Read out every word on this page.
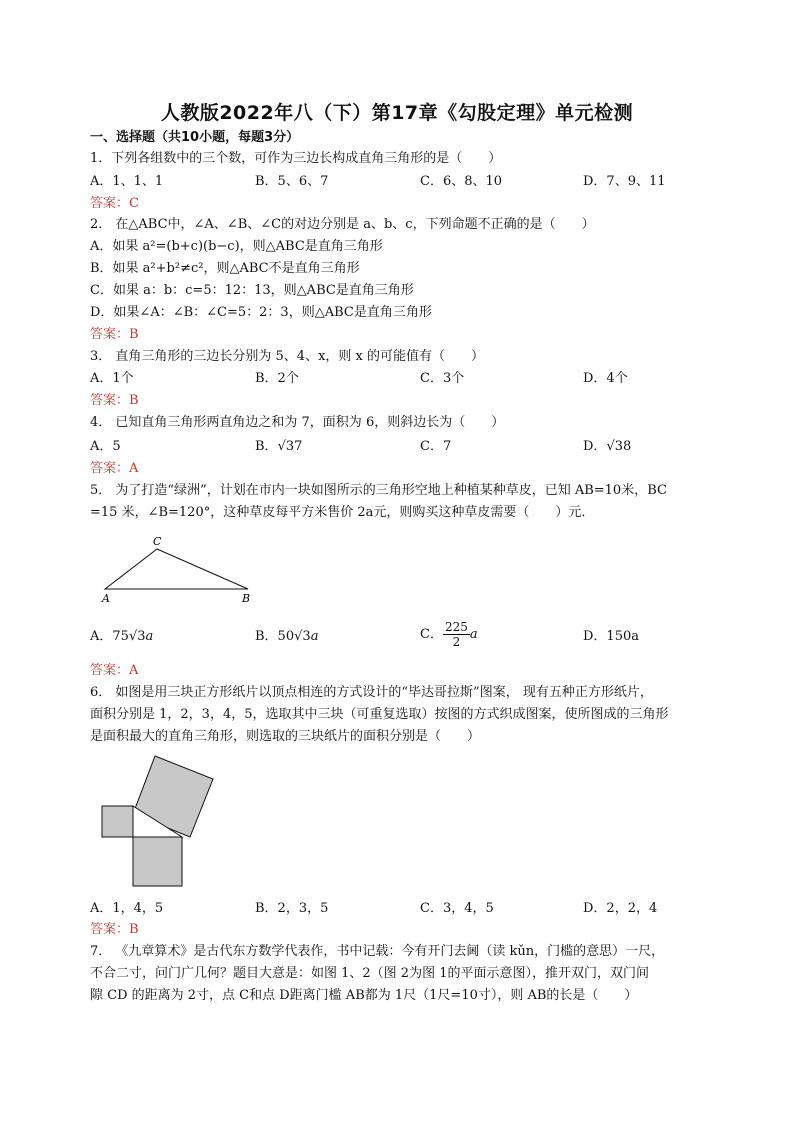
人教版2022年八（下）第17章《勾股定理》单元检测
一、选择题（共10小题，每题3分）
1．下列各组数中的三个数，可作为三边长构成直角三角形的是（　　）
A．1、1、1	B．5、6、7	C．6、8、10	D．7、9、11
答案：C
2． 在△ABC中，∠A、∠B、∠C的对边分别是 a、b、c，下列命题不正确的是（　　）
A．如果 a²=(b+c)(b−c)，则△ABC是直角三角形
B．如果 a²+b²≠c²，则△ABC不是直角三角形
C．如果 a：b：c=5：12：13，则△ABC是直角三角形
D．如果∠A：∠B：∠C=5：2：3，则△ABC是直角三角形
答案：B
3． 直角三角形的三边长分别为 5、4、x，则 x 的可能值有（　　）
A．1个	B．2个	C．3个	D．4个
答案：B
4． 已知直角三角形两直角边之和为 7，面积为 6，则斜边长为（　　）
A．5	B．√37	C．7	D．√38
答案：A
5． 为了打造“绿洲”，计划在市内一块如图所示的三角形空地上种植某种草皮，已知 AB=10米，BC
=15 米，∠B=120°，这种草皮每平方米售价 2a元，则购买这种草皮需要（　　）元．
A	B
C
A．75√3a	B．50√3a	C． $\frac{225}{2}$ a	D．150a
答案：A
6． 如图是用三块正方形纸片以顶点相连的方式设计的“毕达哥拉斯”图案， 现有五种正方形纸片，
面积分别是 1，2，3，4，5，选取其中三块（可重复选取）按图的方式织成图案，使所图成的三角形
是面积最大的直角三角形，则选取的三块纸片的面积分别是（　　）
A．1，4，5	B．2，3，5	C．3，4，5	D．2，2，4
答案：B
7． 《九章算术》是古代东方数学代表作，书中记载：今有开门去阃（读 kǔn，门槛的意思）一尺，
不合二寸，问门广几何？题目大意是：如图 1、2（图 2为图 1的平面示意图），推开双门，双门间
隙 CD 的距离为 2寸，点 C和点 D距离门槛 AB都为 1尺（1尺=10寸），则 AB的长是（　　）
